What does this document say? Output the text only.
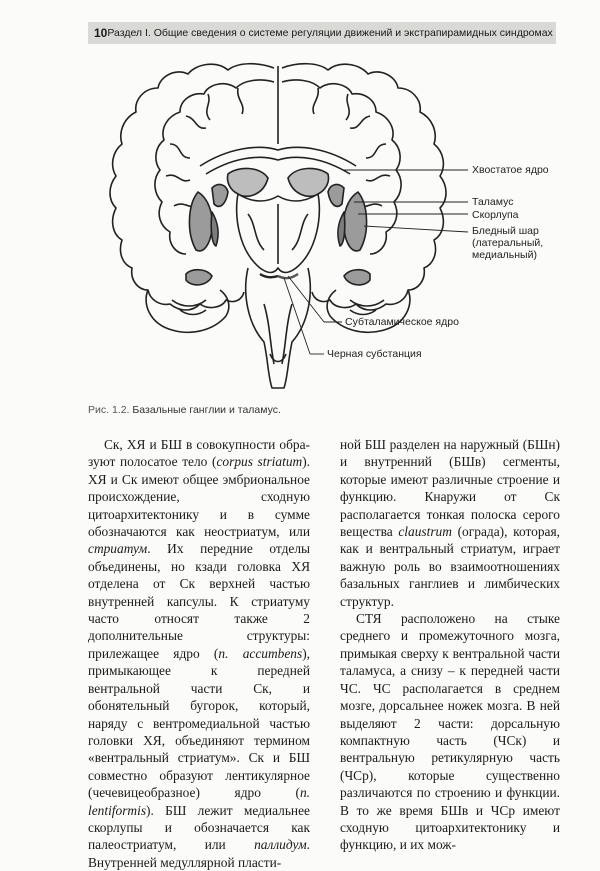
10 Раздел I. Общие сведения о системе регуляции движений и экстрапирамидных синдромах
Хвостатое ядро
Таламус
Скорлупа
Бледный шар
(латеральный,
медиальный)
Субталамическое ядро
Черная субстанция
Рис. 1.2. Базальные ганглии и таламус.

Ск, ХЯ и БШ в совокупности обра-зуют полосатое тело (corpus striatum). ХЯ и Ск имеют общее эмбриональное происхождение, сходную цитоархитектонику и в сумме обозначаются как неостриатум, или стриатум. Их передние отделы объединены, но кзади головка ХЯ отделена от Ск верхней частью внутренней капсулы. К стриатуму часто относят также 2 дополнительные структуры: прилежащее ядро (n. accumbens), примыкающее к передней вентральной части Ск, и обонятельный бугорок, который, наряду с вентромедиальной частью головки ХЯ, объединяют термином «вентральный стриатум». Ск и БШ совместно образуют лентикулярное (чечевицеобразное) ядро (n. lentiformis). БШ лежит медиальнее скорлупы и обозначается как палеостриатум, или паллидум. Внутренней медуллярной пласти-

ной БШ разделен на наружный (БШн) и внутренний (БШв) сегменты, которые имеют различные строение и функцию. Кнаружи от Ск располагается тонкая полоска серого вещества claustrum (ограда), которая, как и вентральный стриатум, играет важную роль во взаимоотношениях базальных ганглиев и лимбических структур.

СТЯ расположено на стыке среднего и промежуточного мозга, примыкая сверху к вентральной части таламуса, а снизу – к передней части ЧС. ЧС располагается в среднем мозге, дорсальнее ножек мозга. В ней выделяют 2 части: дорсальную компактную часть (ЧСк) и вентральную ретикулярную часть (ЧСр), которые существенно различаются по строению и функции. В то же время БШв и ЧСр имеют сходную цитоархитектонику и функцию, и их мож-
